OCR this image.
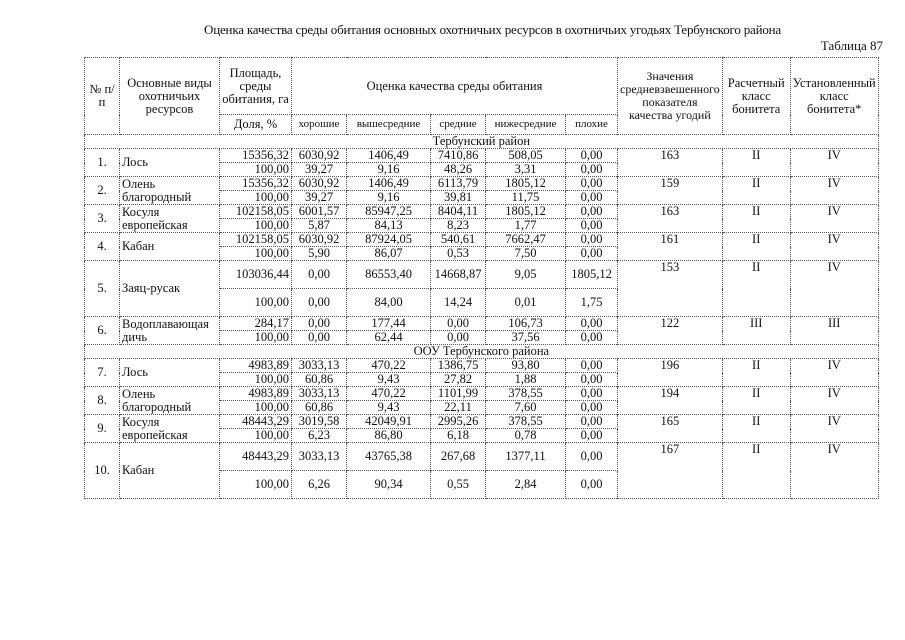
Оценка качества среды обитания основных охотничьих ресурсов в охотничьих угодьях Тербунского района
Таблица 87
№ п/п	Основные виды охотничьих ресурсов	Площадь, среды обитания, га	Оценка качества среды обитания					Значения средневзвешенного показателя качества угодий	Расчетный класс бонитета	Установленный класс бонитета*
		Доля, %	хорошие	вышесредние	средние	нижесредние	плохие			
Тербунский район										
1.	Лось	15356,32	6030,92	1406,49	7410,86	508,05	0,00	163	II	IV
		100,00	39,27	9,16	48,26	3,31	0,00			
2.	Олень благородный	15356,32	6030,92	1406,49	6113,79	1805,12	0,00	159	II	IV
		100,00	39,27	9,16	39,81	11,75	0,00			
3.	Косуля европейская	102158,05	6001,57	85947,25	8404,11	1805,12	0,00	163	II	IV
		100,00	5,87	84,13	8,23	1,77	0,00			
4.	Кабан	102158,05	6030,92	87924,05	540,61	7662,47	0,00	161	II	IV
		100,00	5,90	86,07	0,53	7,50	0,00			
5.	Заяц-русак	103036,44	0,00	86553,40	14668,87	9,05	1805,12	153	II	IV
		100,00	0,00	84,00	14,24	0,01	1,75			
6.	Водоплавающая дичь	284,17	0,00	177,44	0,00	106,73	0,00	122	III	III
		100,00	0,00	62,44	0,00	37,56	0,00			
ООУ Тербунского района										
7.	Лось	4983,89	3033,13	470,22	1386,75	93,80	0,00	196	II	IV
		100,00	60,86	9,43	27,82	1,88	0,00			
8.	Олень благородный	4983,89	3033,13	470,22	1101,99	378,55	0,00	194	II	IV
		100,00	60,86	9,43	22,11	7,60	0,00			
9.	Косуля европейская	48443,29	3019,58	42049,91	2995,26	378,55	0,00	165	II	IV
		100,00	6,23	86,80	6,18	0,78	0,00			
10.	Кабан	48443,29	3033,13	43765,38	267,68	1377,11	0,00	167	II	IV
		100,00	6,26	90,34	0,55	2,84	0,00			
